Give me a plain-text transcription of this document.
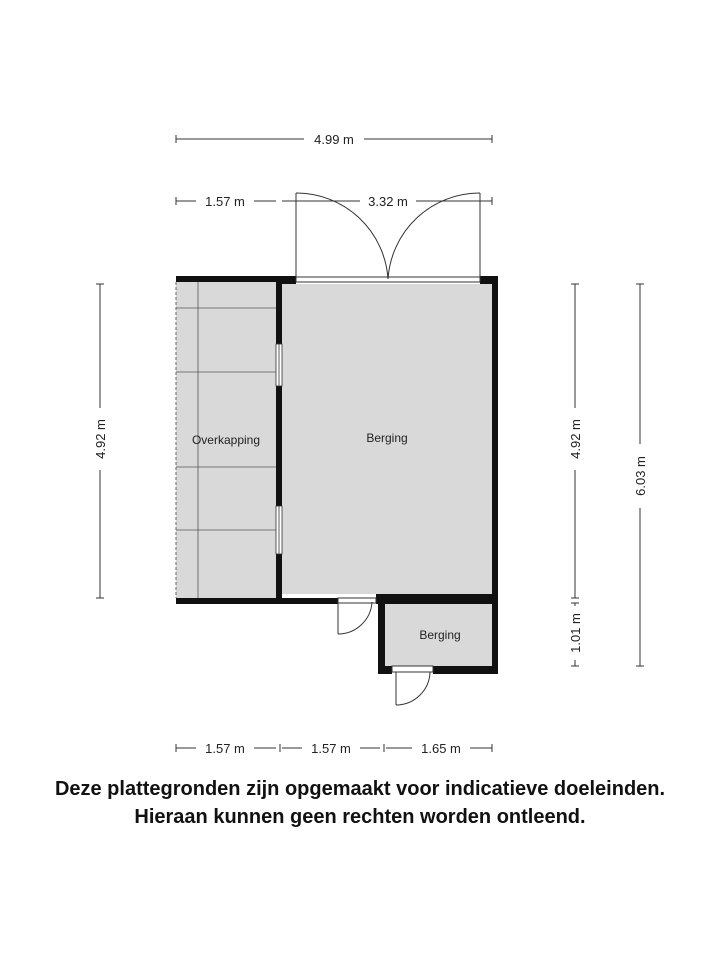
4.99 m
1.57 m	3.32 m
4.92 m	4.92 m
1.01 m
6.03 m
1.57 m	1.57 m	1.65 m
Overkapping	Berging
Berging
Deze plattegronden zijn opgemaakt voor indicatieve doeleinden.
Hieraan kunnen geen rechten worden ontleend.
